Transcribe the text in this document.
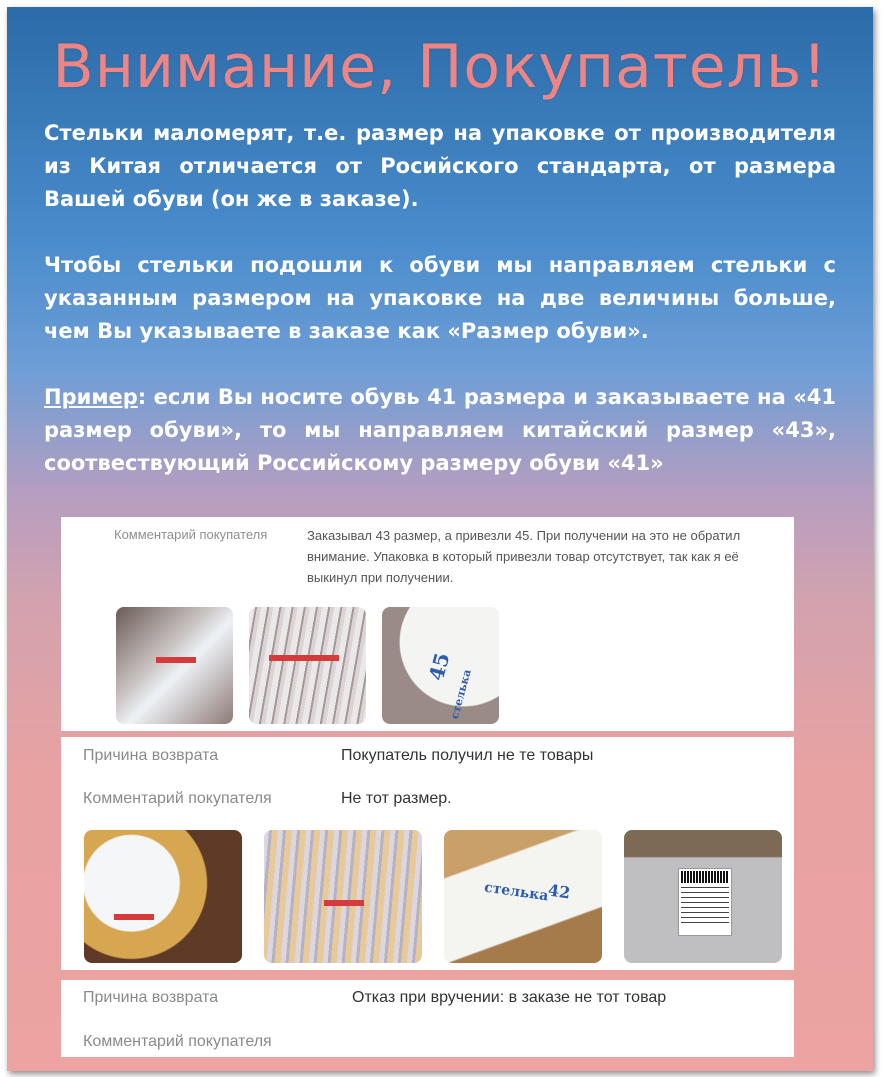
Внимание, Покупатель!
Стельки маломерят, т.е. размер на упаковке от производителя из Китая отличается от Росийского стандарта, от размера Вашей обуви (он же в заказе).
Чтобы стельки подошли к обуви мы направляем стельки с указанным размером на упаковке на две величины больше, чем Вы указываете в заказе как «Размер обуви».
Пример: если Вы носите обувь 41 размера и заказываете на «41 размер обуви», то мы направляем китайский размер «43», соотвествующий Российскому размеру обуви «41»
Комментарий покупателя	Заказывал 43 размер, а привезли 45. При получении на это не обратил внимание. Упаковка в который привезли товар отсутствует, так как я её выкинул при получении.
45
стелька
Причина возврата	Покупатель получил не те товары
Комментарий покупателя	Не тот размер.
стелька
42
Причина возврата	Отказ при вручении: в заказе не тот товар
Комментарий покупателя
